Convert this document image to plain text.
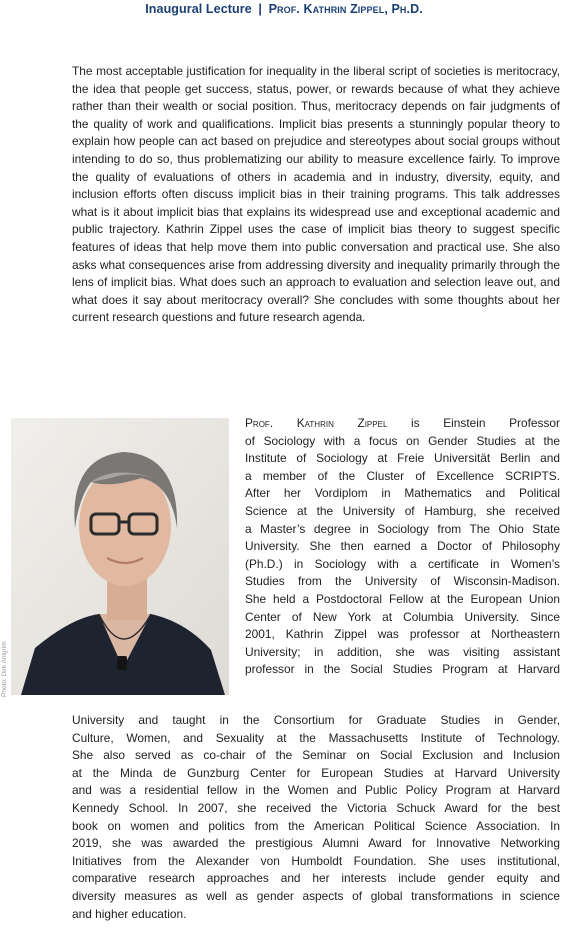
Inaugural Lecture | Prof. Kathrin Zippel, Ph.D.

The most acceptable justification for inequality in the liberal script of societies is meritocracy, the idea that people get success, status, power, or rewards because of what they achieve rather than their wealth or social position. Thus, meritocracy depends on fair judgments of the quality of work and qualifications. Implicit bias presents a stunningly popular theory to explain how people can act based on prejudice and stereotypes about social groups without intending to do so, thus problematizing our ability to measure excellence fairly. To improve the quality of evaluations of others in academia and in industry, diversity, equity, and inclusion efforts often discuss implicit bias in their training programs. This talk addresses what is it about implicit bias that explains its widespread use and exceptional academic and public trajectory. Kathrin Zippel uses the case of implicit bias theory to suggest specific features of ideas that help move them into public conversation and practical use. She also asks what consequences arise from addressing diversity and inequality primarily through the lens of implicit bias. What does such an approach to evaluation and selection leave out, and what does it say about meritocracy overall? She concludes with some thoughts about her current research questions and future research agenda.

Photo: Dirk Ahlgrim
Prof. Kathrin Zippel is Einstein Professor
of Sociology with a focus on Gender Studies at the
Institute of Sociology at Freie Universität Berlin and
a member of the Cluster of Excellence SCRIPTS.
After her Vordiplom in Mathematics and Political
Science at the University of Hamburg, she received
a Master’s degree in Sociology from The Ohio State
University. She then earned a Doctor of Philosophy
(Ph.D.) in Sociology with a certificate in Women’s
Studies from the University of Wisconsin-Madison.
She held a Postdoctoral Fellow at the European Union
Center of New York at Columbia University. Since
2001, Kathrin Zippel was professor at Northeastern
University; in addition, she was visiting assistant
professor in the Social Studies Program at Harvard
University and taught in the Consortium for Graduate Studies in Gender,
Culture, Women, and Sexuality at the Massachusetts Institute of Technology.
She also served as co-chair of the Seminar on Social Exclusion and Inclusion
at the Minda de Gunzburg Center for European Studies at Harvard University
and was a residential fellow in the Women and Public Policy Program at Harvard
Kennedy School. In 2007, she received the Victoria Schuck Award for the best
book on women and politics from the American Political Science Association. In
2019, she was awarded the prestigious Alumni Award for Innovative Networking
Initiatives from the Alexander von Humboldt Foundation. She uses institutional,
comparative research approaches and her interests include gender equity and
diversity measures as well as gender aspects of global transformations in science
and higher education.
